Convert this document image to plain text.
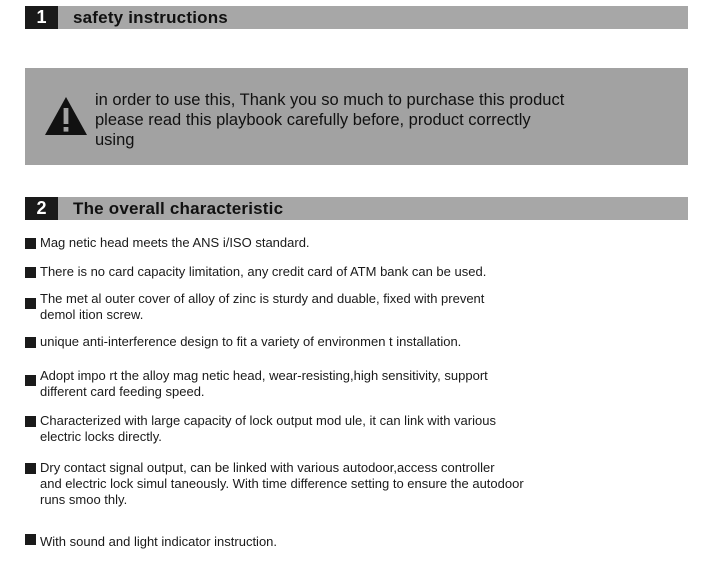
1	safety instructions
in order to use this, Thank you so much to purchase this product
please read this playbook carefully before, product correctly
using
2	The overall characteristic
Mag netic head meets the ANS i/ISO standard.
There is no card capacity limitation, any credit card of ATM bank can be used.
The met al outer cover of alloy of zinc is sturdy and duable, fixed with prevent
demol ition screw.
unique anti-interference design to fit a variety of environmen t installation.
Adopt impo rt the alloy mag netic head, wear-resisting,high sensitivity, support
different card feeding speed.
Characterized with large capacity of lock output mod ule, it can link with various
electric locks directly.
Dry contact signal output, can be linked with various autodoor,access controller
and electric lock simul taneously. With time difference setting to ensure the autodoor
runs smoo thly.
With sound and light indicator instruction.
